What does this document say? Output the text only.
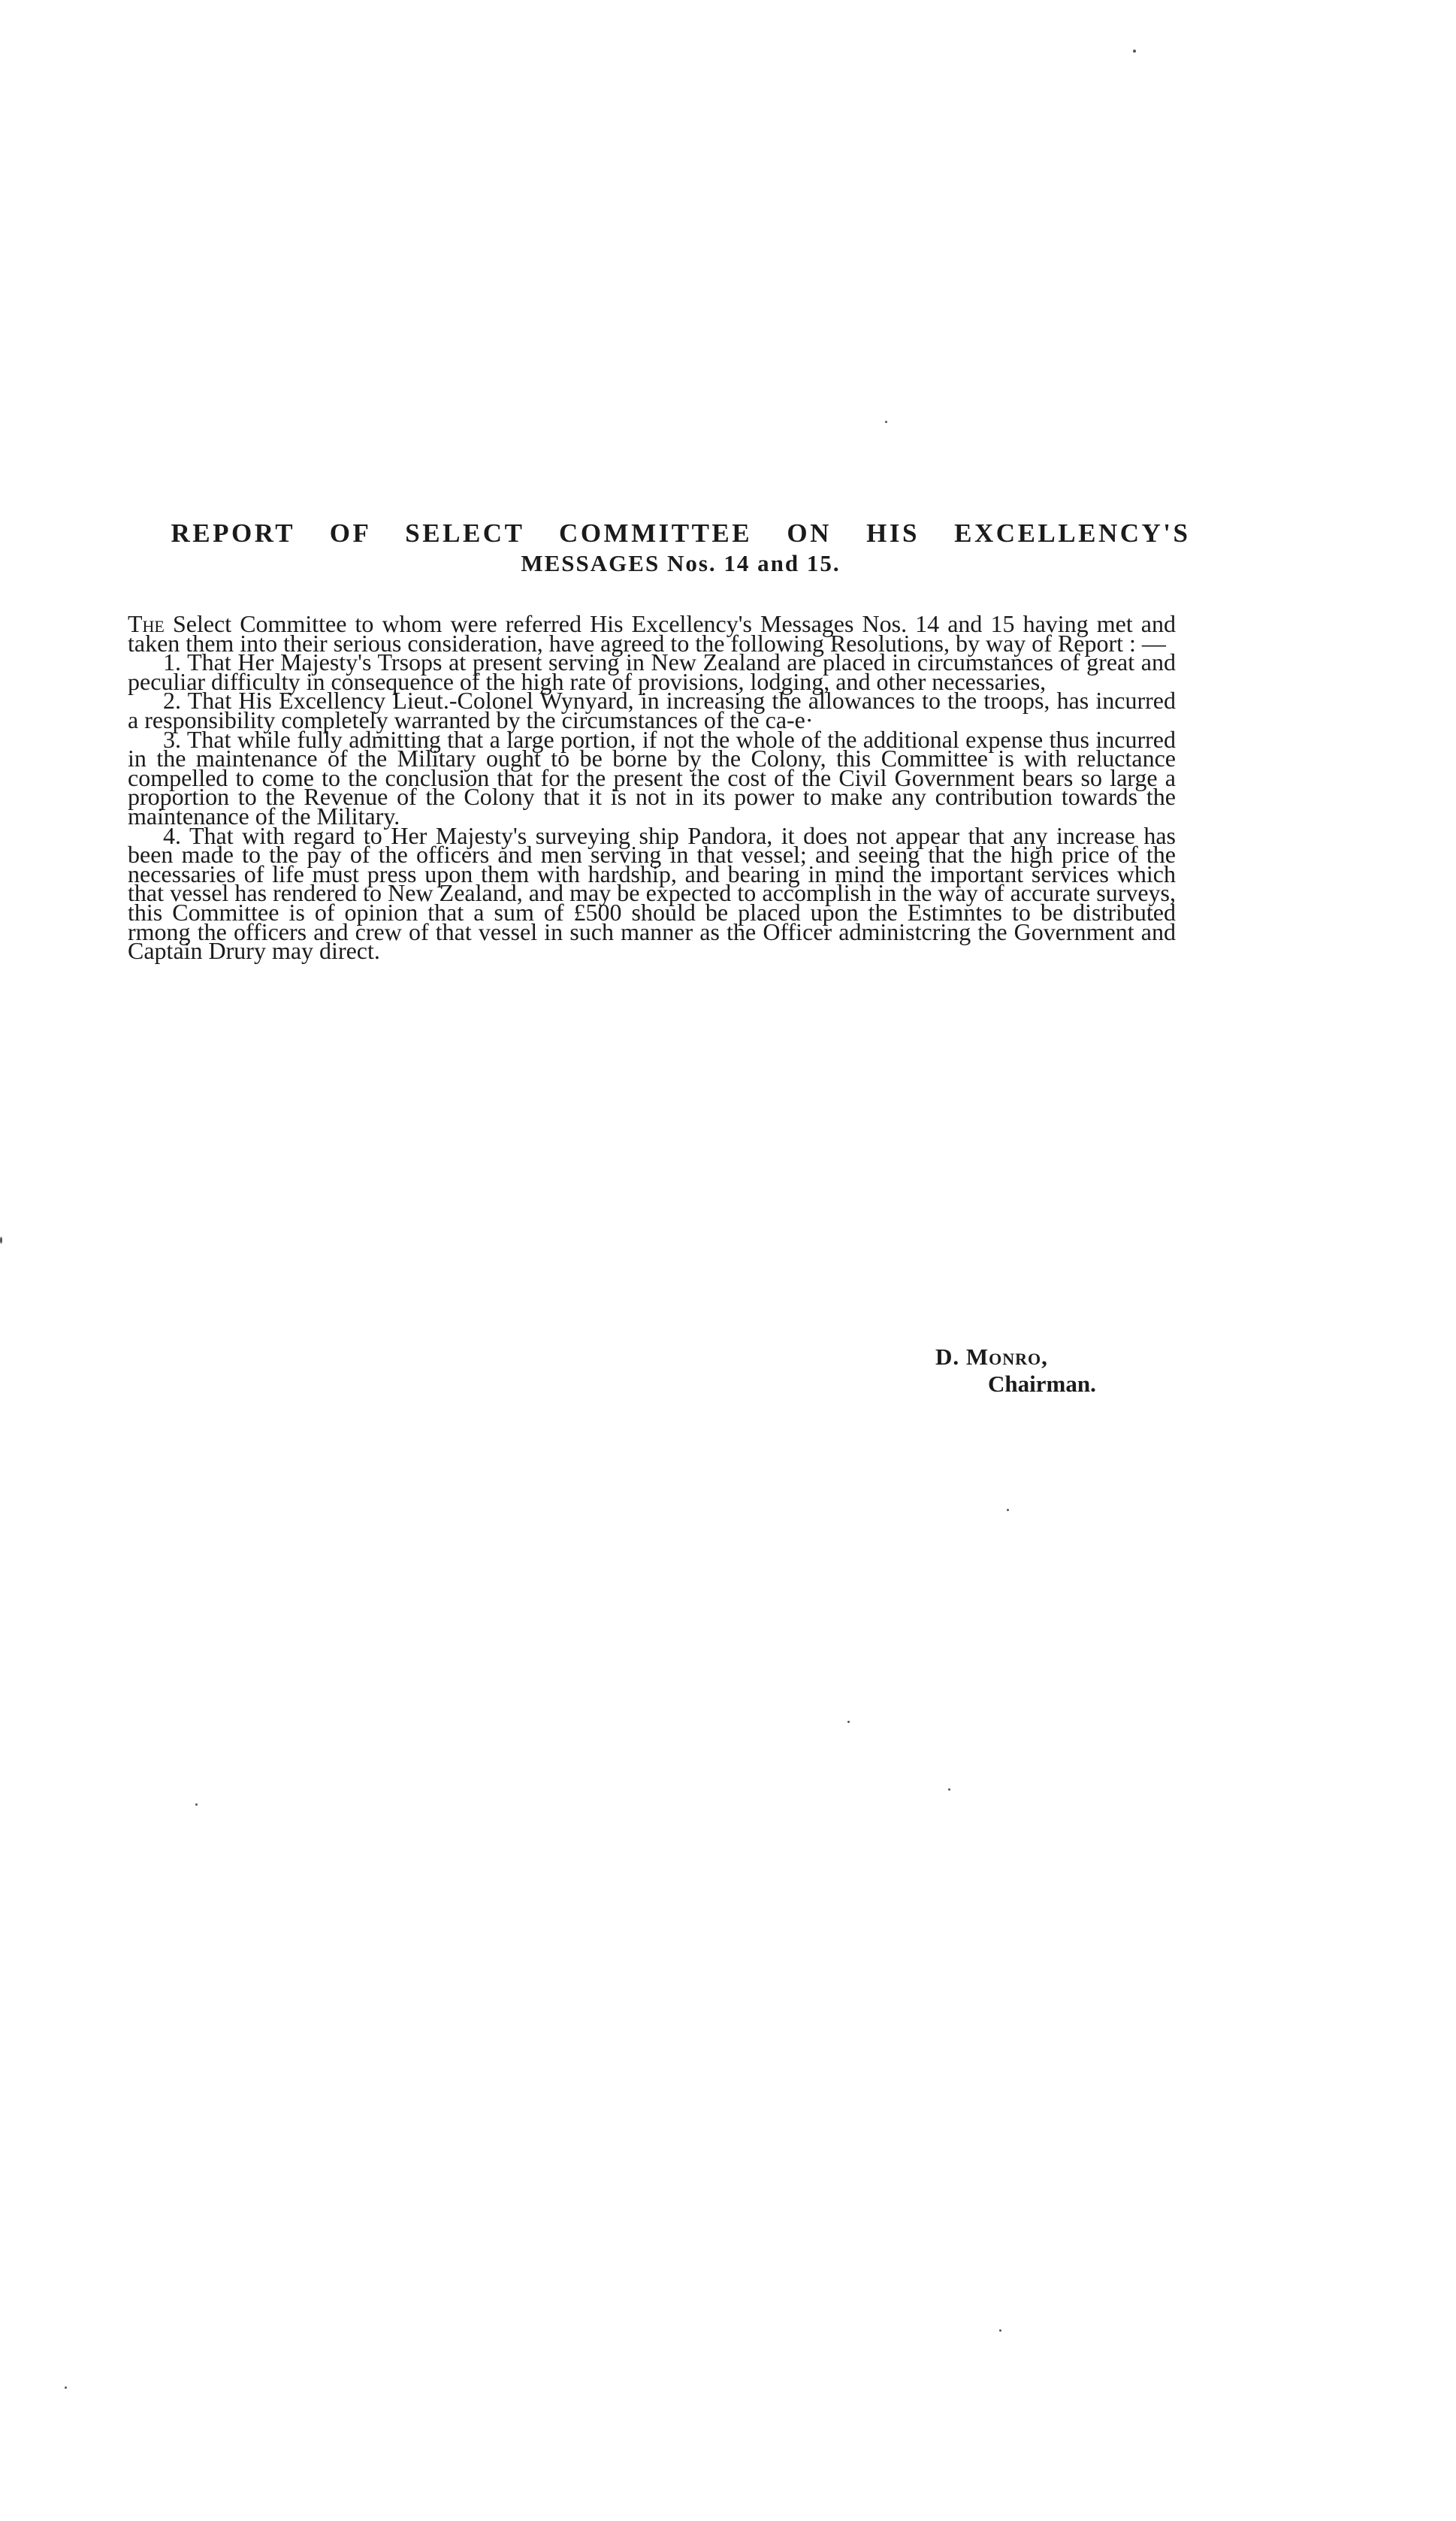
REPORT OF SELECT COMMITTEE ON HIS EXCELLENCY'S
MESSAGES Nos. 14 and 15.

The Select Committee to whom were referred His Excellency's Messages Nos. 14 and 15 having met and taken them into their serious consideration, have agreed to the following Resolutions, by way of Report : —

1. That Her Majesty's Trsops at present serving in New Zealand are placed in circumstances of great and peculiar difficulty in consequence of the high rate of provisions, lodging, and other necessaries,

2. That His Excellency Lieut.-Colonel Wynyard, in increasing the allowances to the troops, has incurred a responsibility completely warranted by the circumstances of the ca-e·

3. That while fully admitting that a large portion, if not the whole of the additional expense thus incurred in the maintenance of the Military ought to be borne by the Colony, this Committee is with reluctance compelled to come to the conclusion that for the present the cost of the Civil Government bears so large a proportion to the Revenue of the Colony that it is not in its power to make any contribution towards the maintenance of the Military.

4. That with regard to Her Majesty's surveying ship Pandora, it does not appear that any increase has been made to the pay of the officers and men serving in that vessel; and seeing that the high price of the necessaries of life must press upon them with hardship, and bearing in mind the important services which that vessel has rendered to New Zealand, and may be expected to accomplish in the way of accurate surveys, this Committee is of opinion that a sum of £500 should be placed upon the Estimntes to be distributed rmong the officers and crew of that vessel in such manner as the Officer administcring the Government and Captain Drury may direct.

D. Monro,
Chairman.
